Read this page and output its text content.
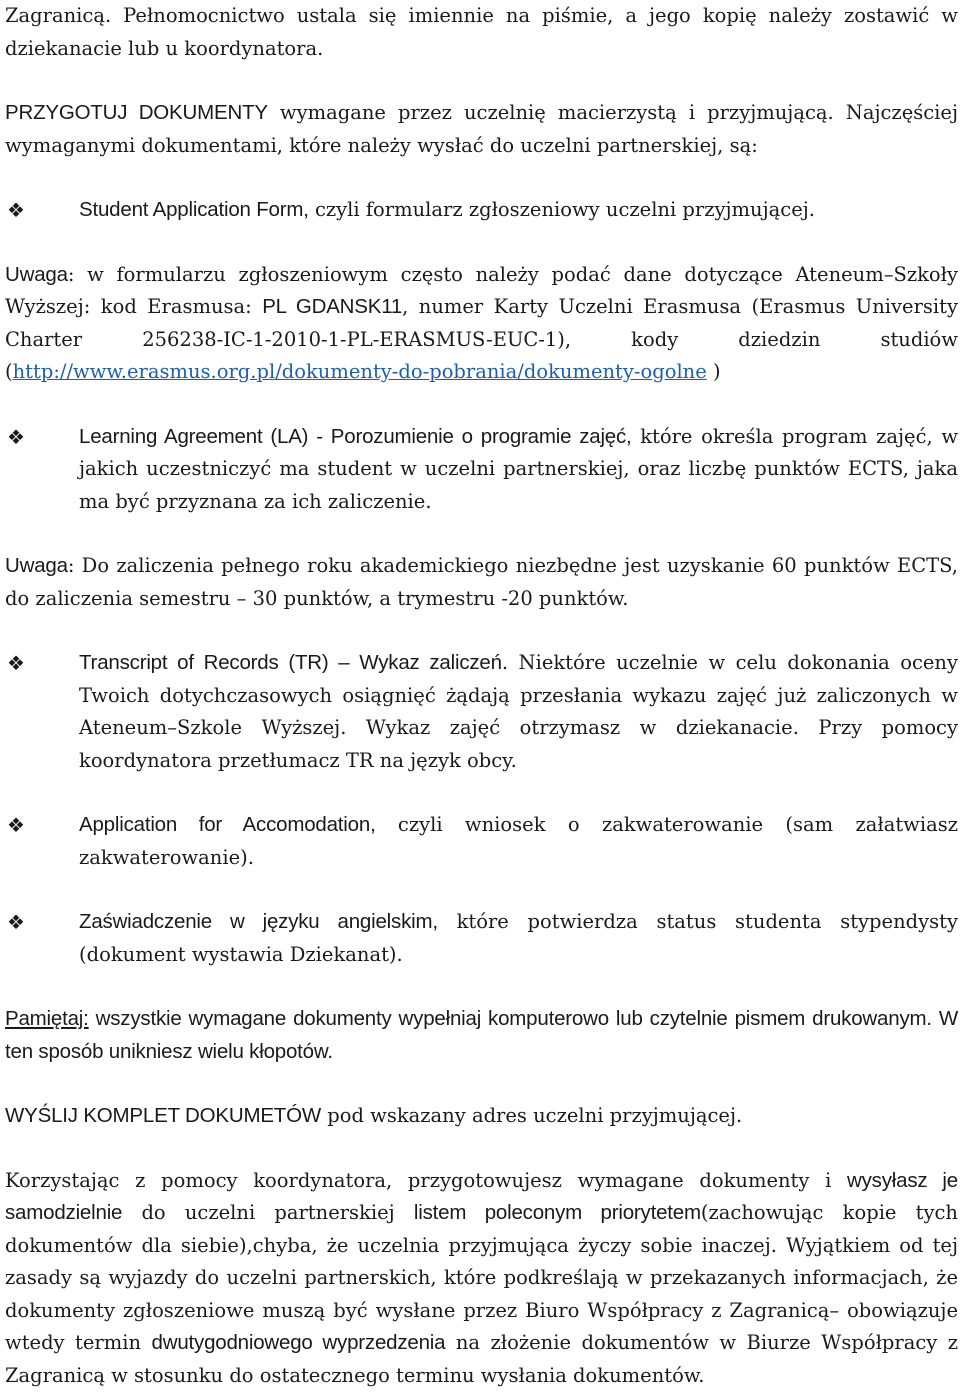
Zagranicą. Pełnomocnictwo ustala się imiennie na piśmie, a jego kopię należy zostawić w dziekanacie lub u koordynatora.

PRZYGOTUJ DOKUMENTY wymagane przez uczelnię macierzystą i przyjmującą. Najczęściej wymaganymi dokumentami, które należy wysłać do uczelni partnerskiej, są:

❖	Student Application Form, czyli formularz zgłoszeniowy uczelni przyjmującej.

Uwaga: w formularzu zgłoszeniowym często należy podać dane dotyczące Ateneum–Szkoły Wyższej: kod Erasmusa: PL GDANSK11, numer Karty Uczelni Erasmusa (Erasmus University Charter 256238-IC-1-2010-1-PL-ERASMUS-EUC-1), kody dziedzin studiów (http://www.erasmus.org.pl/dokumenty-do-pobrania/dokumenty-ogolne )

❖	Learning Agreement (LA) - Porozumienie o programie zajęć, które określa program zajęć, w jakich uczestniczyć ma student w uczelni partnerskiej, oraz liczbę punktów ECTS, jaka ma być przyznana za ich zaliczenie.

Uwaga: Do zaliczenia pełnego roku akademickiego niezbędne jest uzyskanie 60 punktów ECTS, do zaliczenia semestru – 30 punktów, a trymestru -20 punktów.

❖	Transcript of Records (TR) – Wykaz zaliczeń. Niektóre uczelnie w celu dokonania oceny Twoich dotychczasowych osiągnięć żądają przesłania wykazu zajęć już zaliczonych w Ateneum–Szkole Wyższej. Wykaz zajęć otrzymasz w dziekanacie. Przy pomocy koordynatora przetłumacz TR na język obcy.

❖	Application for Accomodation, czyli wniosek o zakwaterowanie (sam załatwiasz zakwaterowanie).

❖	Zaświadczenie w języku angielskim, które potwierdza status studenta stypendysty (dokument wystawia Dziekanat).

Pamiętaj: wszystkie wymagane dokumenty wypełniaj komputerowo lub czytelnie pismem drukowanym. W ten sposób unikniesz wielu kłopotów.

WYŚLIJ KOMPLET DOKUMETÓW pod wskazany adres uczelni przyjmującej.

Korzystając z pomocy koordynatora, przygotowujesz wymagane dokumenty i wysyłasz je samodzielnie do uczelni partnerskiej listem poleconym priorytetem(zachowując kopie tych dokumentów dla siebie),chyba, że uczelnia przyjmująca życzy sobie inaczej. Wyjątkiem od tej zasady są wyjazdy do uczelni partnerskich, które podkreślają w przekazanych informacjach, że dokumenty zgłoszeniowe muszą być wysłane przez Biuro Współpracy z Zagranicą– obowiązuje wtedy termin dwutygodniowego wyprzedzenia na złożenie dokumentów w Biurze Współpracy z Zagranicą w stosunku do ostatecznego terminu wysłania dokumentów.
